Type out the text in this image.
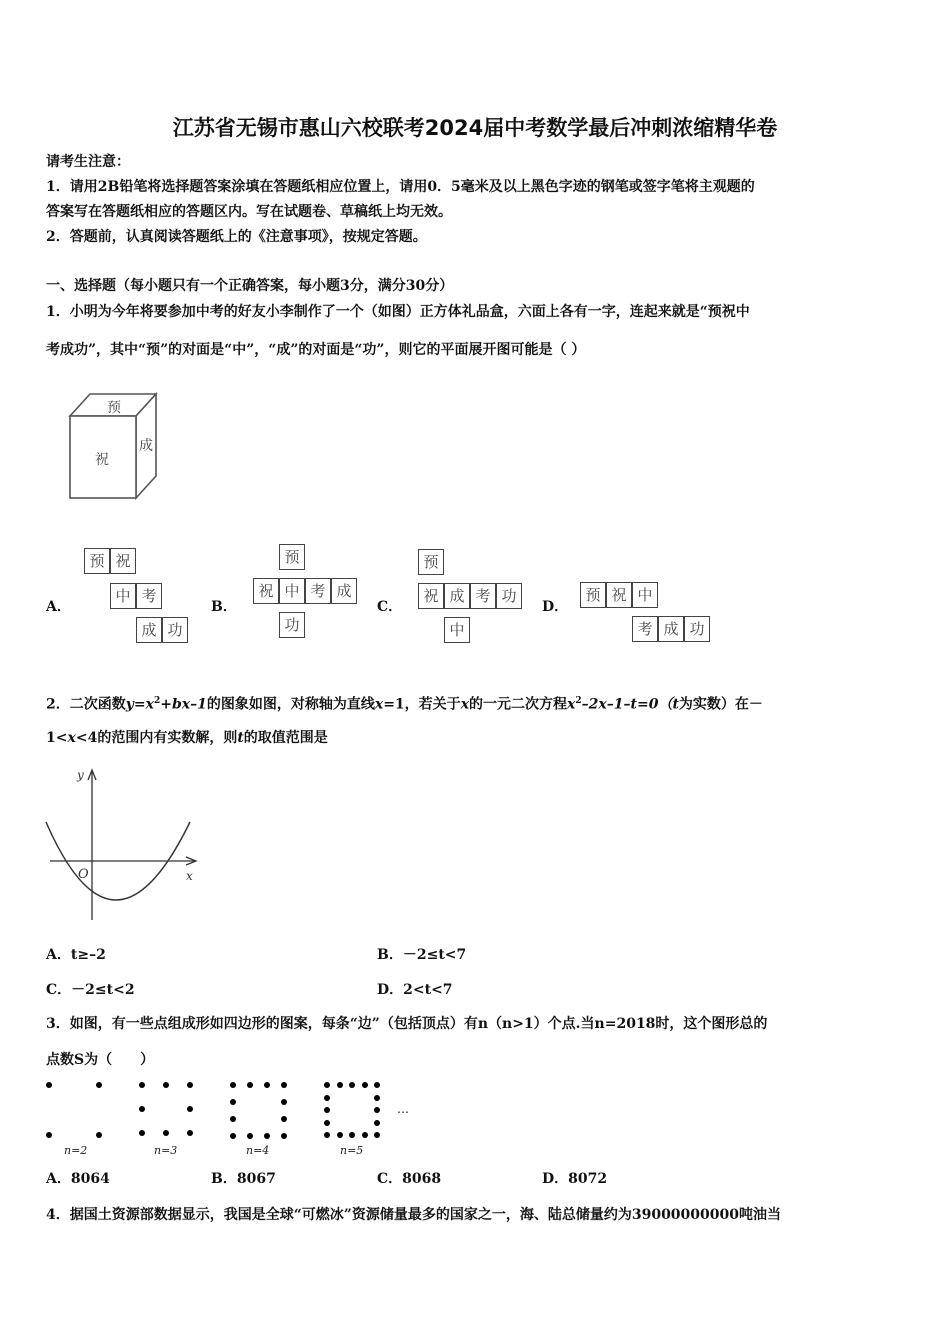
江苏省无锡市惠山六校联考2024届中考数学最后冲刺浓缩精华卷
请考生注意：
1．请用2B铅笔将选择题答案涂填在答题纸相应位置上，请用0．5毫米及以上黑色字迹的钢笔或签字笔将主观题的
答案写在答题纸相应的答题区内。写在试题卷、草稿纸上均无效。
2．答题前，认真阅读答题纸上的《注意事项》，按规定答题。
一、选择题（每小题只有一个正确答案，每小题3分，满分30分）
1．小明为今年将要参加中考的好友小李制作了一个（如图）正方体礼品盒，六面上各有一字，连起来就是“预祝中
考成功”，其中“预”的对面是“中”，“成”的对面是“功”，则它的平面展开图可能是（ ）
预
祝
成
A．
预 祝
中 考
成 功
B．
预
祝 中 考 成
功
C．
预
祝 成 考 功
中
D．
预 祝 中
考 成 功
2．二次函数$y=x^2+bx-1$的图象如图，对称轴为直线x=1，若关于x的一元二次方程$x^2-2x-1-t=0(t$为实数）在－
1<x<4的范围内有实数解，则t的取值范围是
y
x
O
A．t≥–2	B．－2≤t<7
C．－2≤t<2	D．2<t<7
3．如图，有一些点组成形如四边形的图案，每条“边”（包括顶点）有n（n>1）个点.当n=2018时，这个图形总的
点数S为（　　）
n=2	n=3	n=4	n=5
…
A．8064	B．8067	C．8068	D．8072
4．据国土资源部数据显示，我国是全球“可燃冰”资源储量最多的国家之一，海、陆总储量约为39000000000吨油当
